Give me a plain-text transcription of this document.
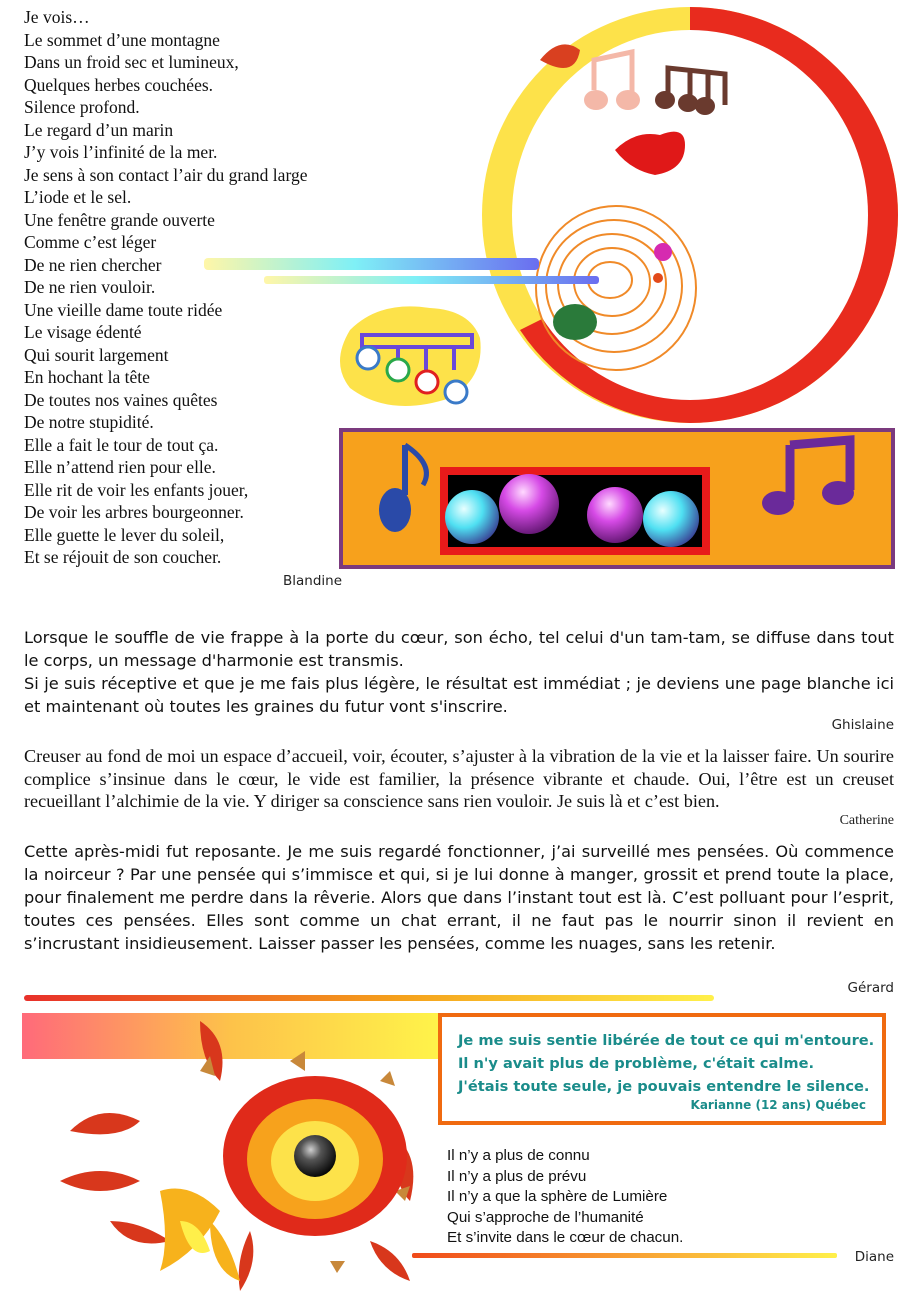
Je vois…
Le sommet d’une montagne
Dans un froid sec et lumineux,
Quelques herbes couchées.
Silence profond.
Le regard d’un marin
J’y vois l’infinité de la mer.
Je sens à son contact l’air du grand large
L’iode et le sel.
Une fenêtre grande ouverte
Comme c’est léger
De ne rien chercher
De ne rien vouloir.
Une vieille dame toute ridée
Le visage édenté
Qui sourit largement
En hochant la tête
De toutes nos vaines quêtes
De notre stupidité.
Elle a fait le tour de tout ça.
Elle n’attend rien pour elle.
Elle rit de voir les enfants jouer,
De voir les arbres bourgeonner.
Elle guette le lever du soleil,
Et se réjouit de son coucher.
Blandine

Lorsque le souffle de vie frappe à la porte du cœur, son écho, tel celui d'un tam-tam, se diffuse dans tout le corps, un message d'harmonie est transmis.

Si je suis réceptive et que je me fais plus légère, le résultat est immédiat ; je deviens une page blanche ici et maintenant où toutes les graines du futur vont s'inscrire.

Ghislaine

Creuser au fond de moi un espace d’accueil, voir, écouter, s’ajuster à la vibration de la vie et la laisser faire. Un sourire complice s’insinue dans le cœur, le vide est familier, la présence vibrante et chaude. Oui, l’être est un creuset recueillant l’alchimie de la vie. Y diriger sa conscience sans rien vouloir. Je suis là et c’est bien.

Catherine

Cette après-midi fut reposante. Je me suis regardé fonctionner, j’ai surveillé mes pensées. Où commence la noirceur ? Par une pensée qui s’immisce et qui, si je lui donne à manger, grossit et prend toute la place, pour finalement me perdre dans la rêverie. Alors que dans l’instant tout est là. C’est polluant pour l’esprit, toutes ces pensées. Elles sont comme un chat errant, il ne faut pas le nourrir sinon il revient en s’incrustant insidieusement. Laisser passer les pensées, comme les nuages, sans les retenir.

Gérard
Je me suis sentie libérée de tout ce qui m'entoure.
Il n'y avait plus de problème, c'était calme.
J'étais toute seule, je pouvais entendre le silence.
Karianne (12 ans) Québec
Il n’y a plus de connu
Il n’y a plus de prévu
Il n’y a que la sphère de Lumière
Qui s’approche de l’humanité
Et s’invite dans le cœur de chacun.
Diane
